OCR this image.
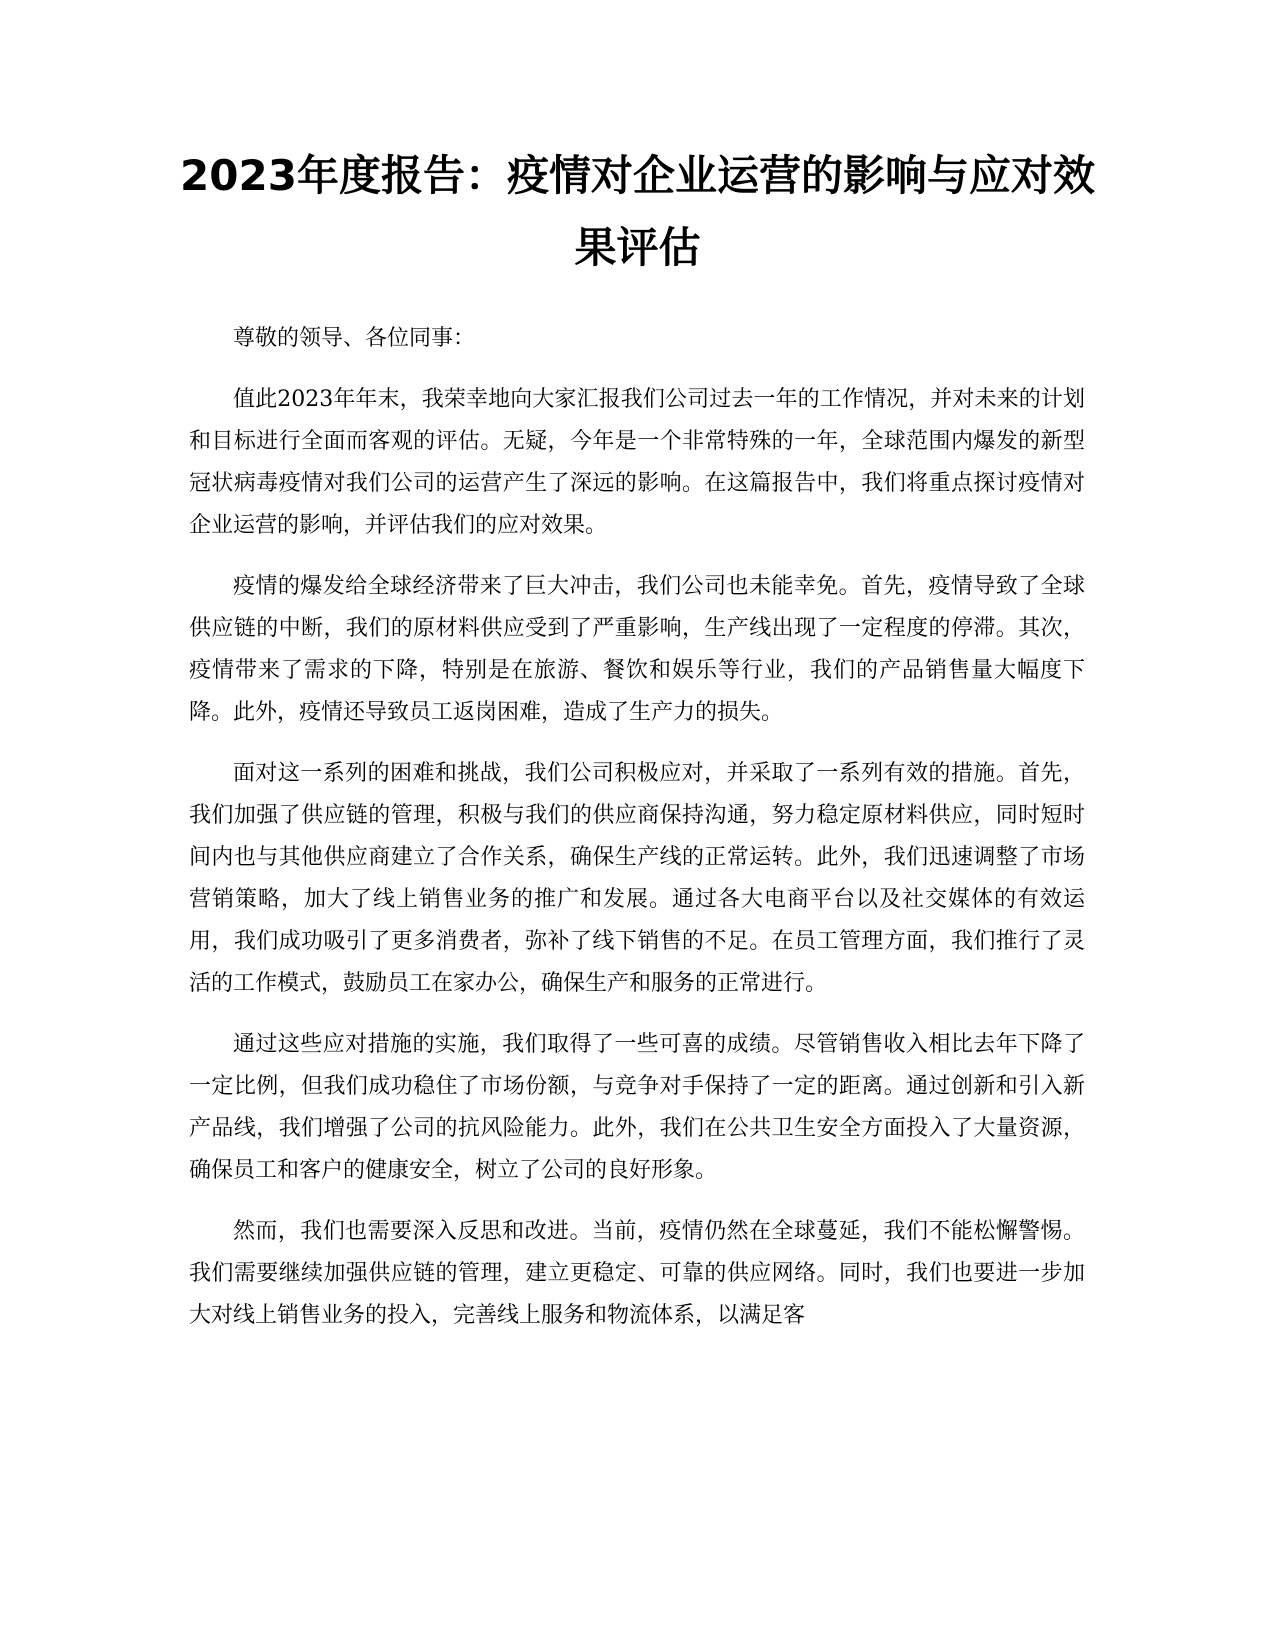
2023年度报告：疫情对企业运营的影响与应对效果评估

尊敬的领导、各位同事：

值此2023年年末，我荣幸地向大家汇报我们公司过去一年的工作情况，并对未来的计划和目标进行全面而客观的评估。无疑，今年是一个非常特殊的一年，全球范围内爆发的新型冠状病毒疫情对我们公司的运营产生了深远的影响。在这篇报告中，我们将重点探讨疫情对企业运营的影响，并评估我们的应对效果。

疫情的爆发给全球经济带来了巨大冲击，我们公司也未能幸免。首先，疫情导致了全球供应链的中断，我们的原材料供应受到了严重影响，生产线出现了一定程度的停滞。其次，疫情带来了需求的下降，特别是在旅游、餐饮和娱乐等行业，我们的产品销售量大幅度下降。此外，疫情还导致员工返岗困难，造成了生产力的损失。

面对这一系列的困难和挑战，我们公司积极应对，并采取了一系列有效的措施。首先，我们加强了供应链的管理，积极与我们的供应商保持沟通，努力稳定原材料供应，同时短时间内也与其他供应商建立了合作关系，确保生产线的正常运转。此外，我们迅速调整了市场营销策略，加大了线上销售业务的推广和发展。通过各大电商平台以及社交媒体的有效运用，我们成功吸引了更多消费者，弥补了线下销售的不足。在员工管理方面，我们推行了灵活的工作模式，鼓励员工在家办公，确保生产和服务的正常进行。

通过这些应对措施的实施，我们取得了一些可喜的成绩。尽管销售收入相比去年下降了一定比例，但我们成功稳住了市场份额，与竞争对手保持了一定的距离。通过创新和引入新产品线，我们增强了公司的抗风险能力。此外，我们在公共卫生安全方面投入了大量资源，确保员工和客户的健康安全，树立了公司的良好形象。

然而，我们也需要深入反思和改进。当前，疫情仍然在全球蔓延，我们不能松懈警惕。我们需要继续加强供应链的管理，建立更稳定、可靠的供应网络。同时，我们也要进一步加大对线上销售业务的投入，完善线上服务和物流体系，以满足客
